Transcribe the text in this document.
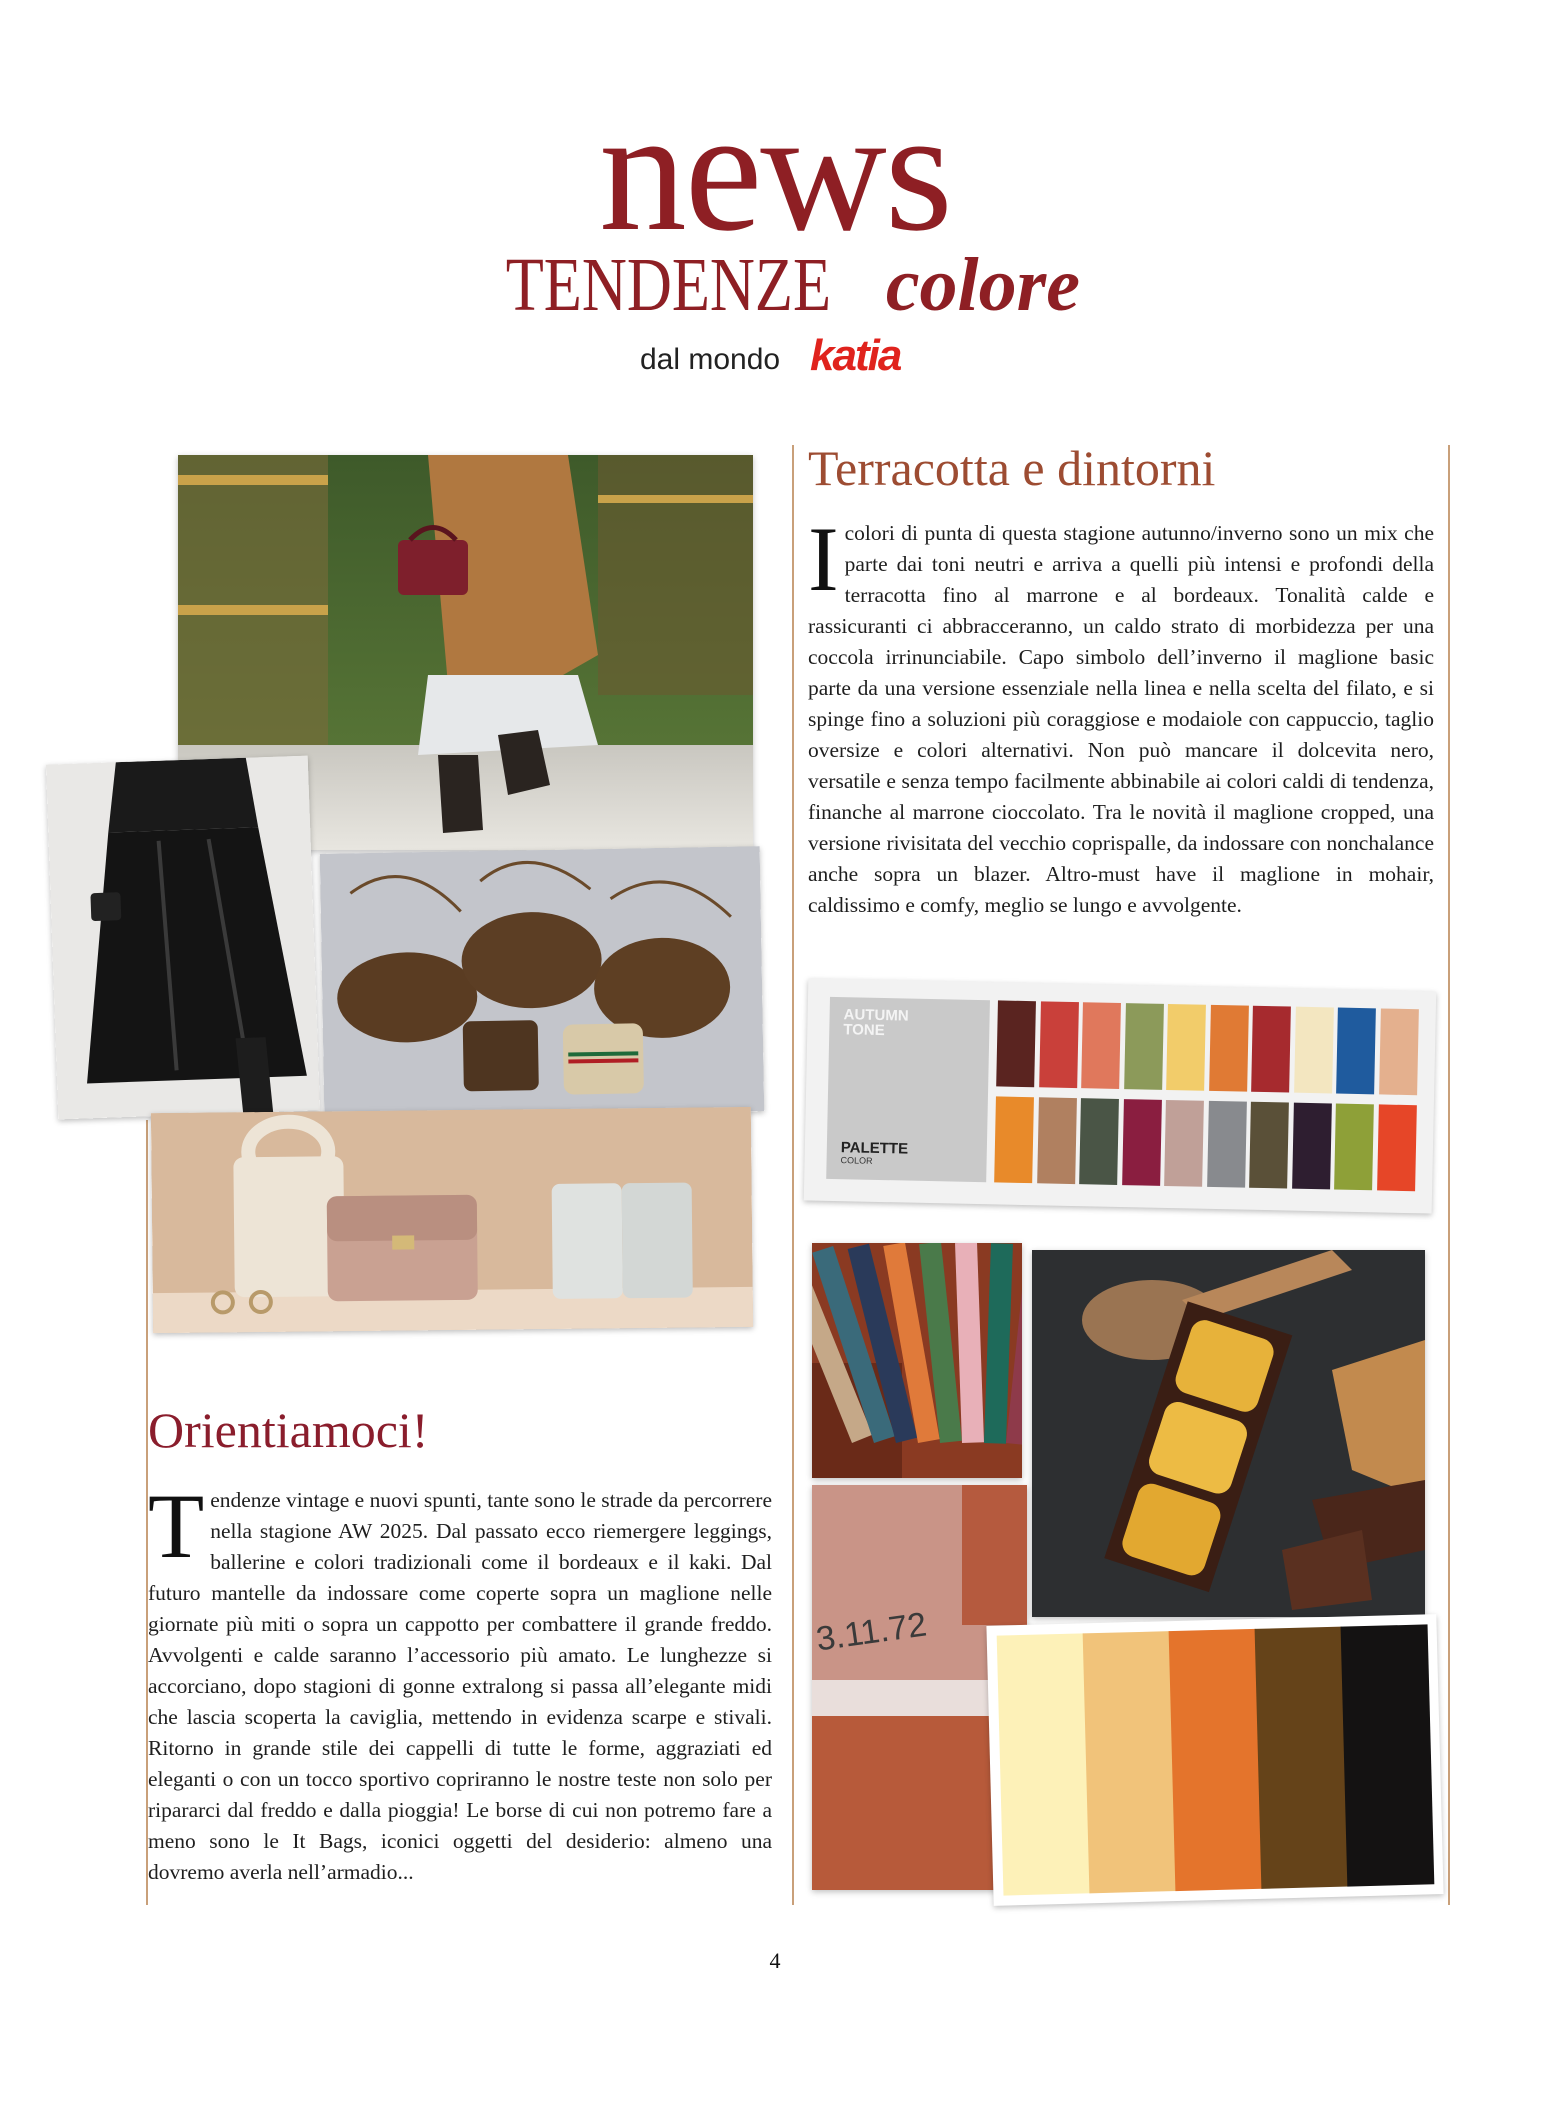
news
TENDENZE colore
dal mondo katia
Terracotta e dintorni
Icolori di punta di questa stagione autunno/inverno sono un mix che parte dai toni neutri e arriva a quelli più intensi e profondi della terracotta fino al marrone e al bordeaux. Tonalità calde e rassicuranti ci abbracceranno, un caldo strato di morbidezza per una coccola irrinunciabile. Capo simbolo dell’inverno il maglione basic parte da una versione essenziale nella linea e nella scelta del filato, e si spinge fino a soluzioni più coraggiose e modaiole con cappuccio, taglio oversize e colori alternativi. Non può mancare il dolcevita nero, versatile e senza tempo facilmente abbinabile ai colori caldi di tendenza, finanche al marrone cioccolato. Tra le novità il maglione cropped, una versione rivisitata del vecchio coprispalle, da indossare con nonchalance anche sopra un blazer. Altro-must have il maglione in mohair, caldissimo e comfy, meglio se lungo e avvolgente.
AUTUMN TONE
PALETTE
COLOR
3.11.72
Orientiamoci!
Tendenze vintage e nuovi spunti, tante sono le strade da percorrere nella stagione AW 2025. Dal passato ecco riemergere leggings, ballerine e colori tradizionali come il bordeaux e il kaki. Dal futuro mantelle da indossare come coperte sopra un maglione nelle giornate più miti o sopra un cappotto per combattere il grande freddo. Avvolgenti e calde saranno l’accessorio più amato. Le lunghezze si accorciano, dopo stagioni di gonne extralong si passa all’elegante midi che lascia scoperta la caviglia, mettendo in evidenza scarpe e stivali. Ritorno in grande stile dei cappelli di tutte le forme, aggraziati ed eleganti o con un tocco sportivo copriranno le nostre teste non solo per ripararci dal freddo e dalla pioggia! Le borse di cui non potremo fare a meno sono le It Bags, iconici oggetti del desiderio: almeno una dovremo averla nell’armadio...
4
